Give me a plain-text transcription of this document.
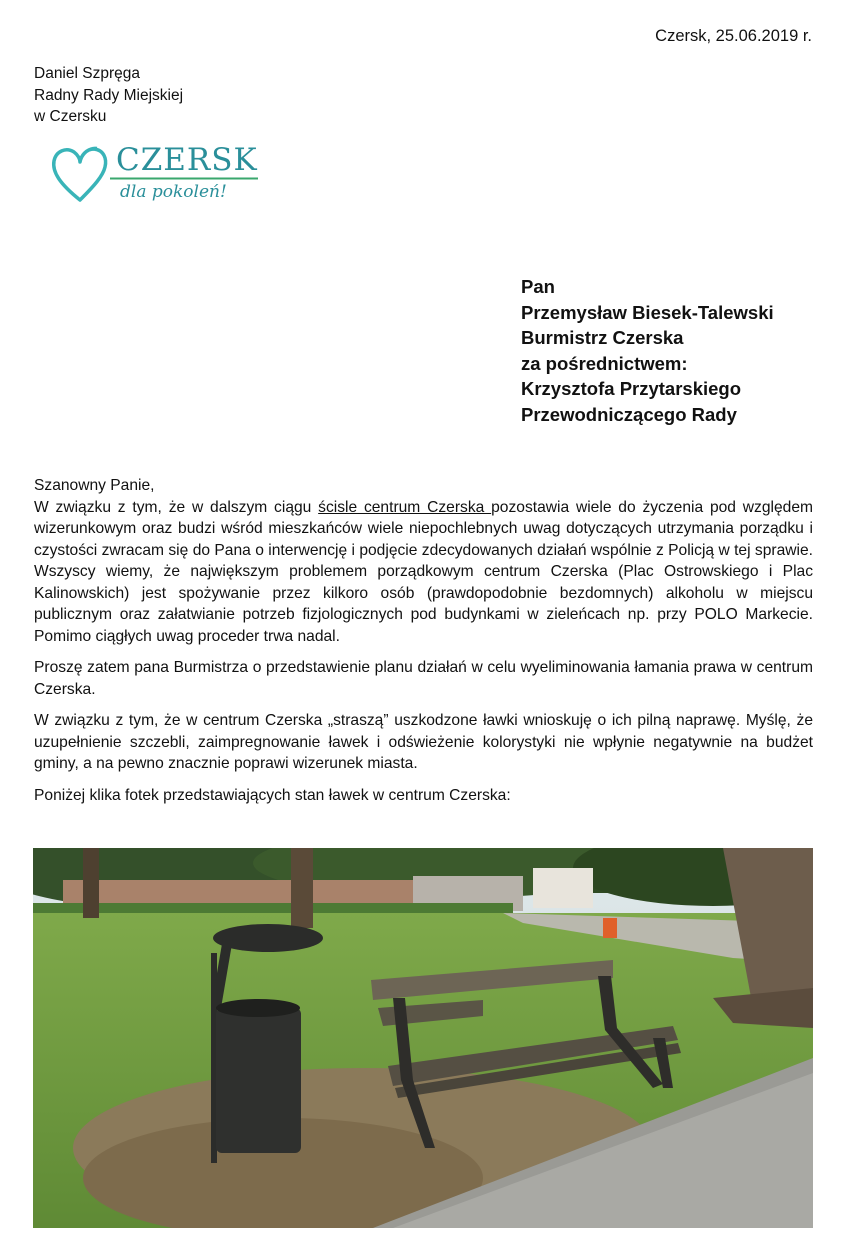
Czersk, 25.06.2019 r.
Daniel Szpręga
Radny Rady Miejskiej
w Czersku
CZERSK
dla pokoleń!
Pan
Przemysław Biesek-Talewski
Burmistrz Czerska
za pośrednictwem:
Krzysztofa Przytarskiego
Przewodniczącego Rady

Szanowny Panie,

W związku z tym, że w dalszym ciągu ścisle centrum Czerska pozostawia wiele do życzenia pod względem wizerunkowym oraz budzi wśród mieszkańców wiele niepochlebnych uwag dotyczących utrzymania porządku i czystości zwracam się do Pana o interwencję i podjęcie zdecydowanych działań wspólnie z Policją w tej sprawie. Wszyscy wiemy, że największym problemem porządkowym centrum Czerska (Plac Ostrowskiego i Plac Kalinowskich) jest spożywanie przez kilkoro osób (prawdopodobnie bezdomnych) alkoholu w miejscu publicznym oraz załatwianie potrzeb fizjologicznych pod budynkami w zieleńcach np. przy POLO Markecie. Pomimo ciągłych uwag proceder trwa nadal.

Proszę zatem pana Burmistrza o przedstawienie planu działań w celu wyeliminowania łamania prawa w centrum Czerska.

W związku z tym, że w centrum Czerska „straszą” uszkodzone ławki wnioskuję o ich pilną naprawę. Myślę, że uzupełnienie szczebli, zaimpregnowanie ławek i odświeżenie kolorystyki nie wpłynie negatywnie na budżet gminy, a na pewno znacznie poprawi wizerunek miasta.

Poniżej klika fotek przedstawiających stan ławek w centrum Czerska:
